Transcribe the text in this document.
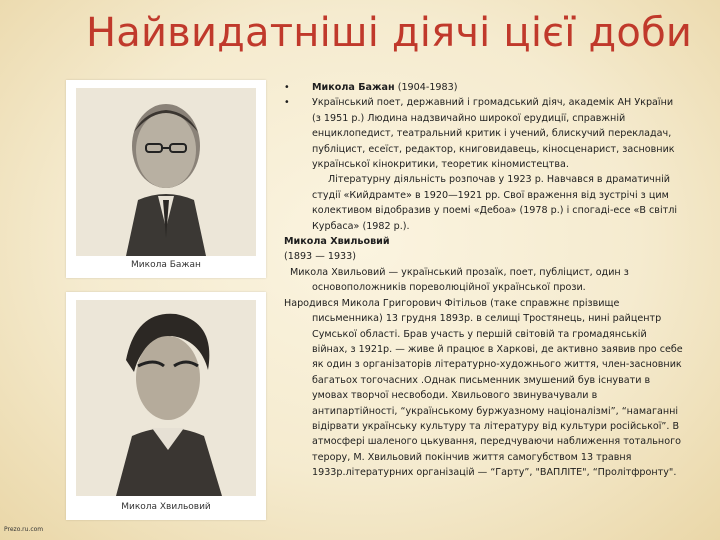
Найвидатніші діячі цієї доби
Микола Бажан
Микола Хвильовий

• Микола Бажан (1904-1983)

• Український поет, державний і громадський діяч, академік АН України (з 1951 р.) Людина надзвичайно широкої ерудиції, справжній енциклопедист, театральний критик і учений, блискучий перекладач, публіцист, есеїст, редактор, книговидавець, кіносценарист, засновник української кінокритики, теоретик кіномистецтва.

Літературну діяльність розпочав у 1923 р. Навчався в драматичній студії «Кийдрамте» в 1920—1921 рр. Свої враження від зустрічі з цим колективом відобразив у поемі «Дебоа» (1978 р.) і спогаді-есе «В світлі Курбаса» (1982 р.).

Микола Хвильовий

(1893 — 1933)

Микола Хвильовий — український прозаїк, поет, публіцист, один з основоположників пореволюційної української прози.

Народився Микола Григорович Фітільов (таке справжнє прізвище письменника) 13 грудня 1893р. в селищі Тростянець, нині райцентр Сумської області. Брав участь у першій світовій та громадянській війнах, з 1921р. — живе й працює в Харкові, де активно заявив про себе як один з організаторів літературно-художнього життя, член-засновник багатьох тогочасних .Однак письменник змушений був існувати в умовах творчої несвободи. Хвильового звинувачували в антипартійності, “українському буржуазному націоналізмі”, “намаганні відірвати українську культуру та літературу від культури російської”. В атмосфері шаленого цькування, передчуваючи наближення тотального терору, М. Хвильовий покінчив життя самогубством 13 травня 1933р.літературних організацій — “Гарту”, "ВАПЛІТЕ", “Пролітфронту".

Prezo.ru.com
